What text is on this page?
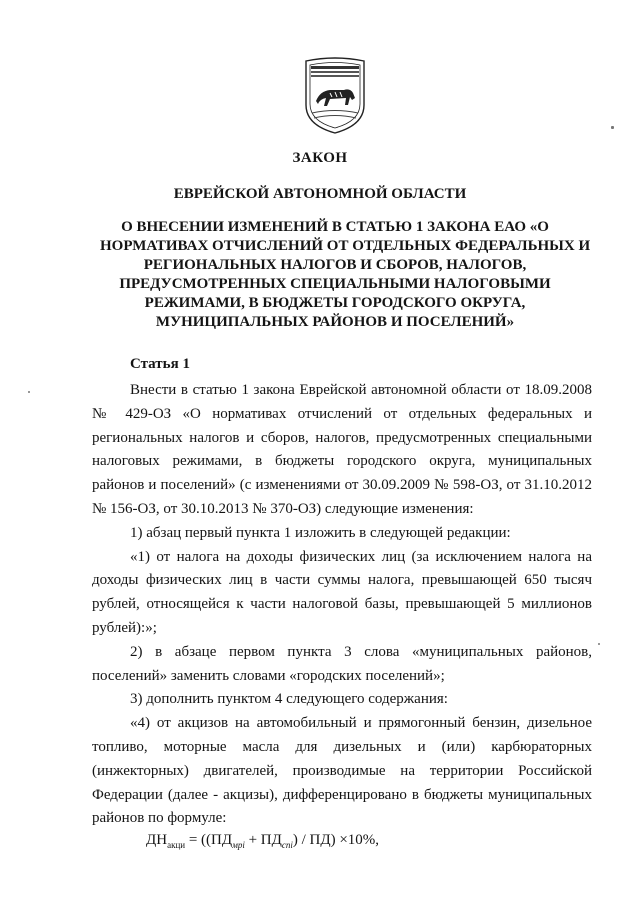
ЗАКОН
ЕВРЕЙСКОЙ АВТОНОМНОЙ ОБЛАСТИ
О ВНЕСЕНИИ ИЗМЕНЕНИЙ В СТАТЬЮ 1 ЗАКОНА ЕАО «О
НОРМАТИВАХ ОТЧИСЛЕНИЙ ОТ ОТДЕЛЬНЫХ ФЕДЕРАЛЬНЫХ И
РЕГИОНАЛЬНЫХ НАЛОГОВ И СБОРОВ, НАЛОГОВ,
ПРЕДУСМОТРЕННЫХ СПЕЦИАЛЬНЫМИ НАЛОГОВЫМИ
РЕЖИМАМИ, В БЮДЖЕТЫ ГОРОДСКОГО ОКРУГА,
МУНИЦИПАЛЬНЫХ РАЙОНОВ И ПОСЕЛЕНИЙ»
Статья 1
Внести в статью 1 закона Еврейской автономной области от 18.09.2008
№ 429-ОЗ «О нормативах отчислений от отдельных федеральных и
региональных налогов и сборов, налогов, предусмотренных специальными
налоговых режимами, в бюджеты городского округа, муниципальных
районов и поселений» (с изменениями от 30.09.2009 № 598-ОЗ, от 31.10.2012
№ 156-ОЗ, от 30.10.2013 № 370-ОЗ) следующие изменения:
1) абзац первый пункта 1 изложить в следующей редакции:
«1) от налога на доходы физических лиц (за исключением налога на
доходы физических лиц в части суммы налога, превышающей 650 тысяч
рублей, относящейся к части налоговой базы, превышающей 5 миллионов
рублей):»;
2) в абзаце первом пункта 3 слова «муниципальных районов,
поселений» заменить словами «городских поселений»;
3) дополнить пунктом 4 следующего содержания:
«4) от акцизов на автомобильный и прямогонный бензин, дизельное
топливо, моторные масла для дизельных и (или) карбюраторных
(инжекторных) двигателей, производимые на территории Российской
Федерации (далее - акцизы), дифференцировано в бюджеты муниципальных
районов по формуле:
$ДН_{акци} = ((ПД_{мрі} + ПД_{спі}) / ПД) \times 10\%$,
